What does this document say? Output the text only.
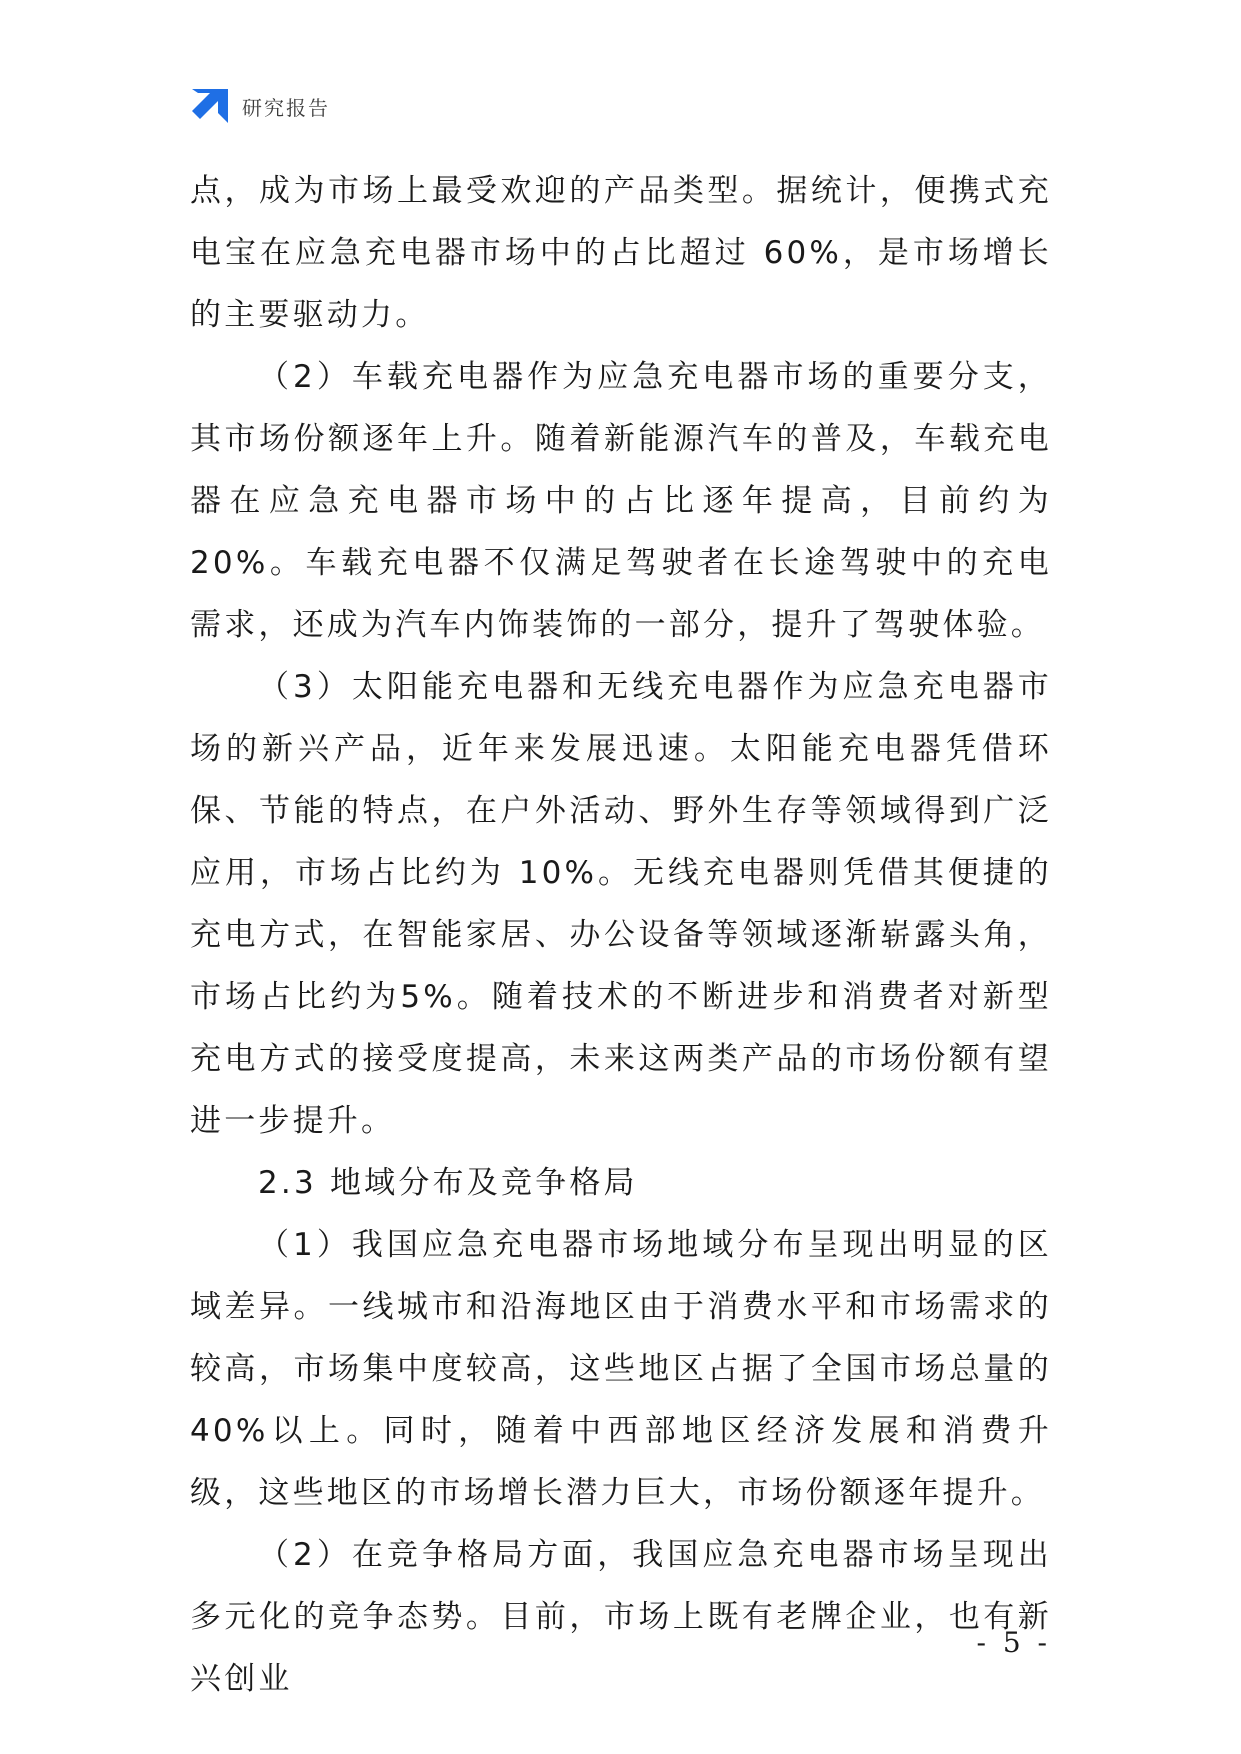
研究报告

点，成为市场上最受欢迎的产品类型。据统计，便携式充电宝在应急充电器市场中的占比超过 60%，是市场增长的主要驱动力。

（2）车载充电器作为应急充电器市场的重要分支，其市场份额逐年上升。随着新能源汽车的普及，车载充电器在应急充电器市场中的占比逐年提高，目前约为 20%。车载充电器不仅满足驾驶者在长途驾驶中的充电需求，还成为汽车内饰装饰的一部分，提升了驾驶体验。

（3）太阳能充电器和无线充电器作为应急充电器市场的新兴产品，近年来发展迅速。太阳能充电器凭借环保、节能的特点，在户外活动、野外生存等领域得到广泛应用，市场占比约为 10%。无线充电器则凭借其便捷的充电方式，在智能家居、办公设备等领域逐渐崭露头角，市场占比约为5%。随着技术的不断进步和消费者对新型充电方式的接受度提高，未来这两类产品的市场份额有望进一步提升。

2.3 地域分布及竞争格局

（1）我国应急充电器市场地域分布呈现出明显的区域差异。一线城市和沿海地区由于消费水平和市场需求的较高，市场集中度较高，这些地区占据了全国市场总量的 40%以上。同时，随着中西部地区经济发展和消费升级，这些地区的市场增长潜力巨大，市场份额逐年提升。

（2）在竞争格局方面，我国应急充电器市场呈现出多元化的竞争态势。目前，市场上既有老牌企业，也有新兴创业

- 5 -
